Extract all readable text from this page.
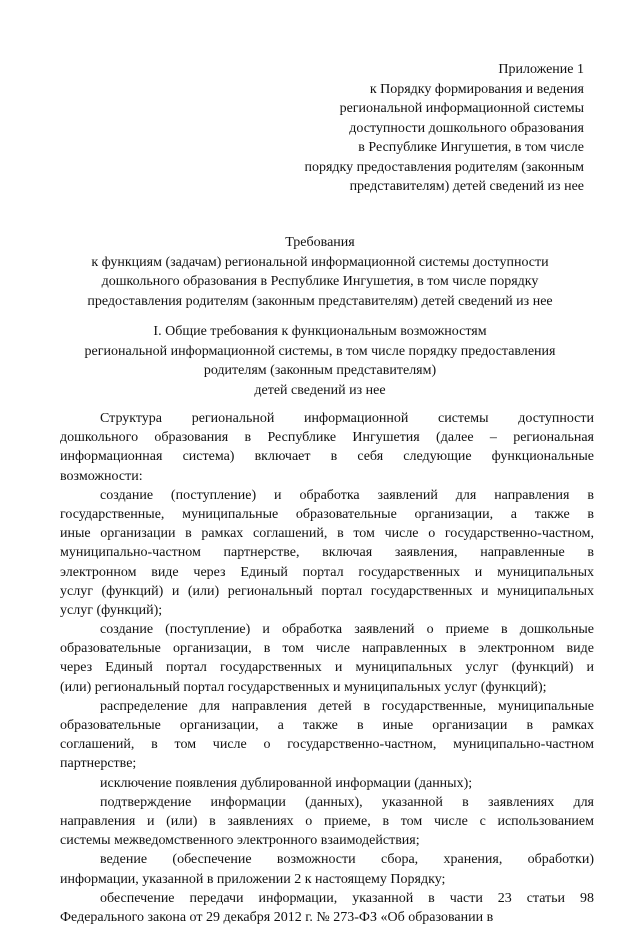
Приложение 1
к Порядку формирования и ведения
региональной информационной системы
доступности дошкольного образования
в Республике Ингушетия, в том числе
порядку предоставления родителям (законным
представителям) детей сведений из нее
Требования
к функциям (задачам) региональной информационной системы доступности
дошкольного образования в Республике Ингушетия, в том числе порядку
предоставления родителям (законным представителям) детей сведений из нее
I. Общие требования к функциональным возможностям
региональной информационной системы, в том числе порядку предоставления
родителям (законным представителям)
детей сведений из нее
Структура региональной информационной системы доступности
дошкольного образования в Республике Ингушетия (далее – региональная
информационная система) включает в себя следующие функциональные
возможности:
создание (поступление) и обработка заявлений для направления в
государственные, муниципальные образовательные организации, а также в
иные организации в рамках соглашений, в том числе о государственно-частном,
муниципально-частном партнерстве, включая заявления, направленные в
электронном виде через Единый портал государственных и муниципальных
услуг (функций) и (или) региональный портал государственных и муниципальных
услуг (функций);
создание (поступление) и обработка заявлений о приеме в дошкольные
образовательные организации, в том числе направленных в электронном виде
через Единый портал государственных и муниципальных услуг (функций) и
(или) региональный портал государственных и муниципальных услуг (функций);
распределение для направления детей в государственные, муниципальные
образовательные организации, а также в иные организации в рамках
соглашений, в том числе о государственно-частном, муниципально-частном
партнерстве;
исключение появления дублированной информации (данных);
подтверждение информации (данных), указанной в заявлениях для
направления и (или) в заявлениях о приеме, в том числе с использованием
системы межведомственного электронного взаимодействия;
ведение (обеспечение возможности сбора, хранения, обработки)
информации, указанной в приложении 2 к настоящему Порядку;
обеспечение передачи информации, указанной в части 23 статьи 98
Федерального закона от 29 декабря 2012 г. № 273-ФЗ «Об образовании в
